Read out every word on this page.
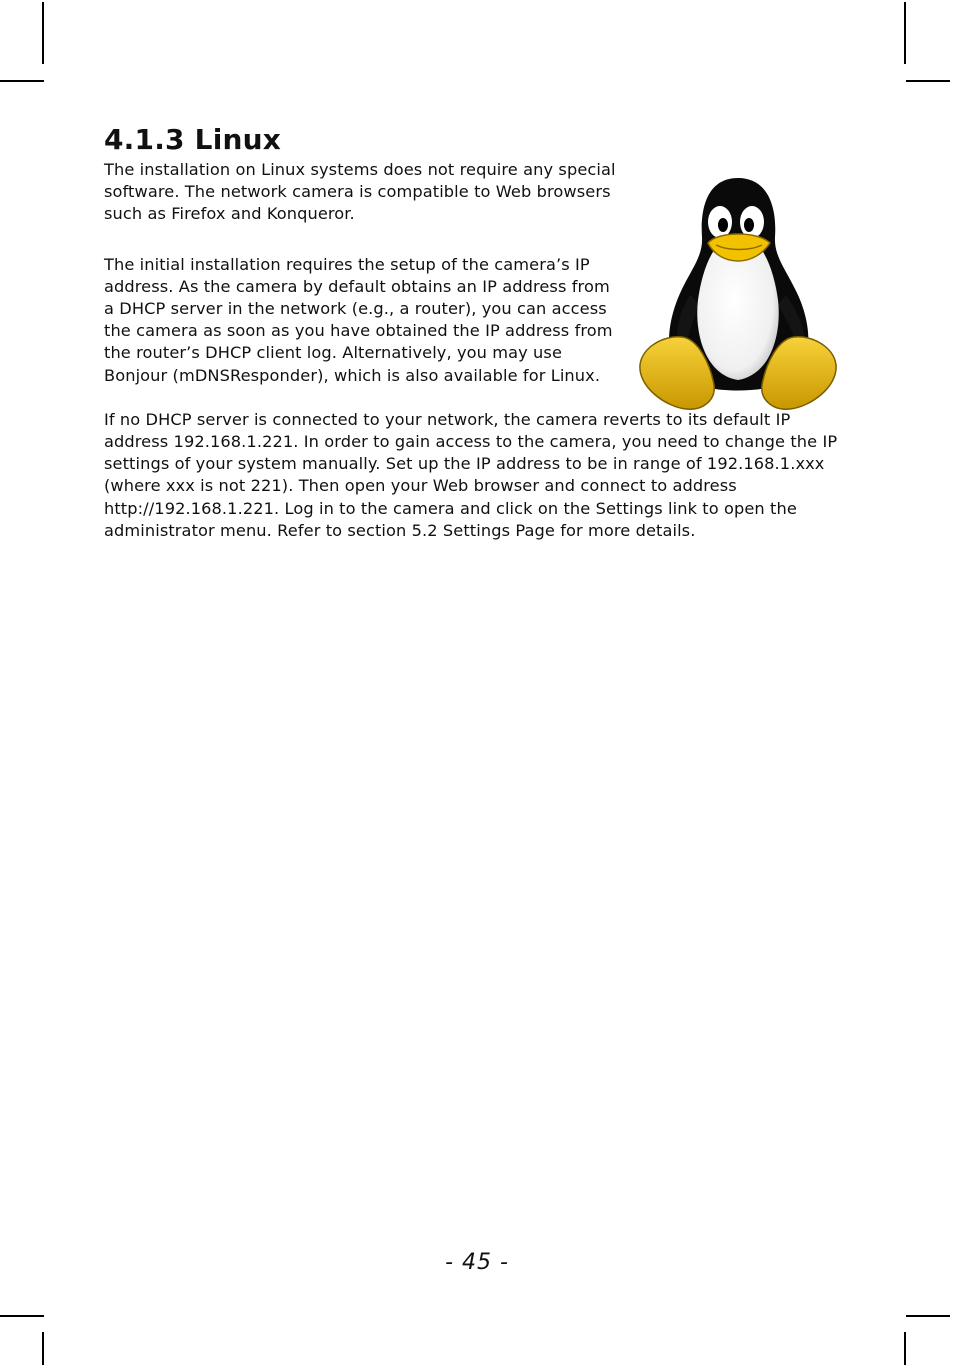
4.1.3 Linux

The installation on Linux systems does not require any special software. The network camera is compatible to Web browsers such as Firefox and Konqueror.

The initial installation requires the setup of the camera’s IP address. As the camera by default obtains an IP address from a DHCP server in the network (e.g., a router), you can access the camera as soon as you have obtained the IP address from the router’s DHCP client log. Alternatively, you may use Bonjour (mDNSResponder), which is also available for Linux.

If no DHCP server is connected to your network, the camera reverts to its default IP address 192.168.1.221. In order to gain access to the camera, you need to change the IP settings of your system manually. Set up the IP address to be in range of 192.168.1.xxx (where xxx is not 221). Then open your Web browser and connect to address http://192.168.1.221. Log in to the camera and click on the Settings link to open the administrator menu. Refer to section 5.2 Settings Page for more details.

- 45 -
